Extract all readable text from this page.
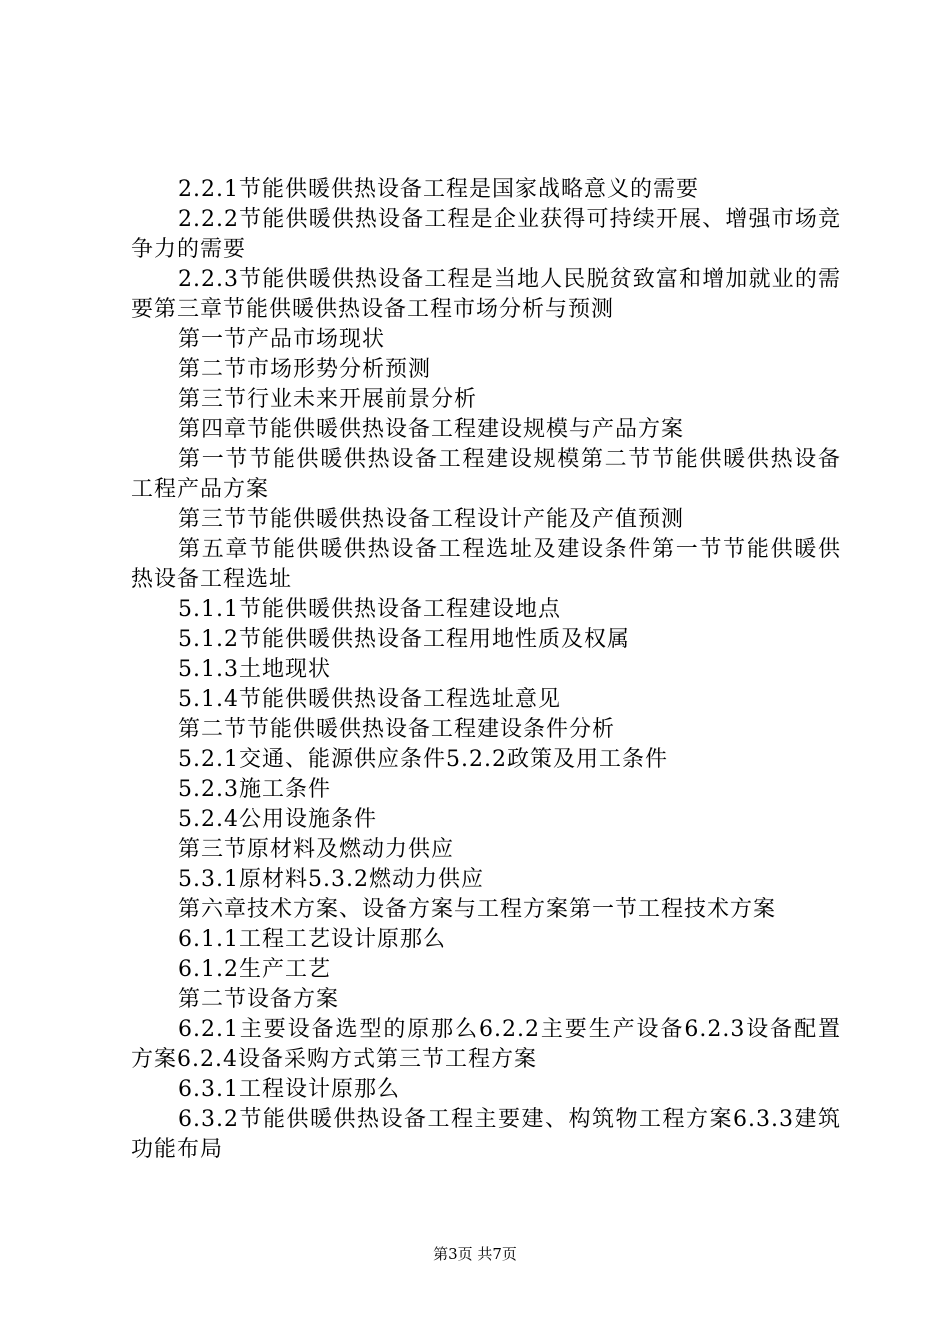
2.2.1节能供暖供热设备工程是国家战略意义的需要

2.2.2节能供暖供热设备工程是企业获得可持续开展、增强市场竞争力的需要

2.2.3节能供暖供热设备工程是当地人民脱贫致富和增加就业的需要第三章节能供暖供热设备工程市场分析与预测

第一节产品市场现状

第二节市场形势分析预测

第三节行业未来开展前景分析

第四章节能供暖供热设备工程建设规模与产品方案

第一节节能供暖供热设备工程建设规模第二节节能供暖供热设备工程产品方案

第三节节能供暖供热设备工程设计产能及产值预测

第五章节能供暖供热设备工程选址及建设条件第一节节能供暖供热设备工程选址

5.1.1节能供暖供热设备工程建设地点

5.1.2节能供暖供热设备工程用地性质及权属

5.1.3土地现状

5.1.4节能供暖供热设备工程选址意见

第二节节能供暖供热设备工程建设条件分析

5.2.1交通、能源供应条件5.2.2政策及用工条件

5.2.3施工条件

5.2.4公用设施条件

第三节原材料及燃动力供应

5.3.1原材料5.3.2燃动力供应

第六章技术方案、设备方案与工程方案第一节工程技术方案

6.1.1工程工艺设计原那么

6.1.2生产工艺

第二节设备方案

6.2.1主要设备选型的原那么6.2.2主要生产设备6.2.3设备配置方案6.2.4设备采购方式第三节工程方案

6.3.1工程设计原那么

6.3.2节能供暖供热设备工程主要建、构筑物工程方案6.3.3建筑功能布局

第3页 共7页
